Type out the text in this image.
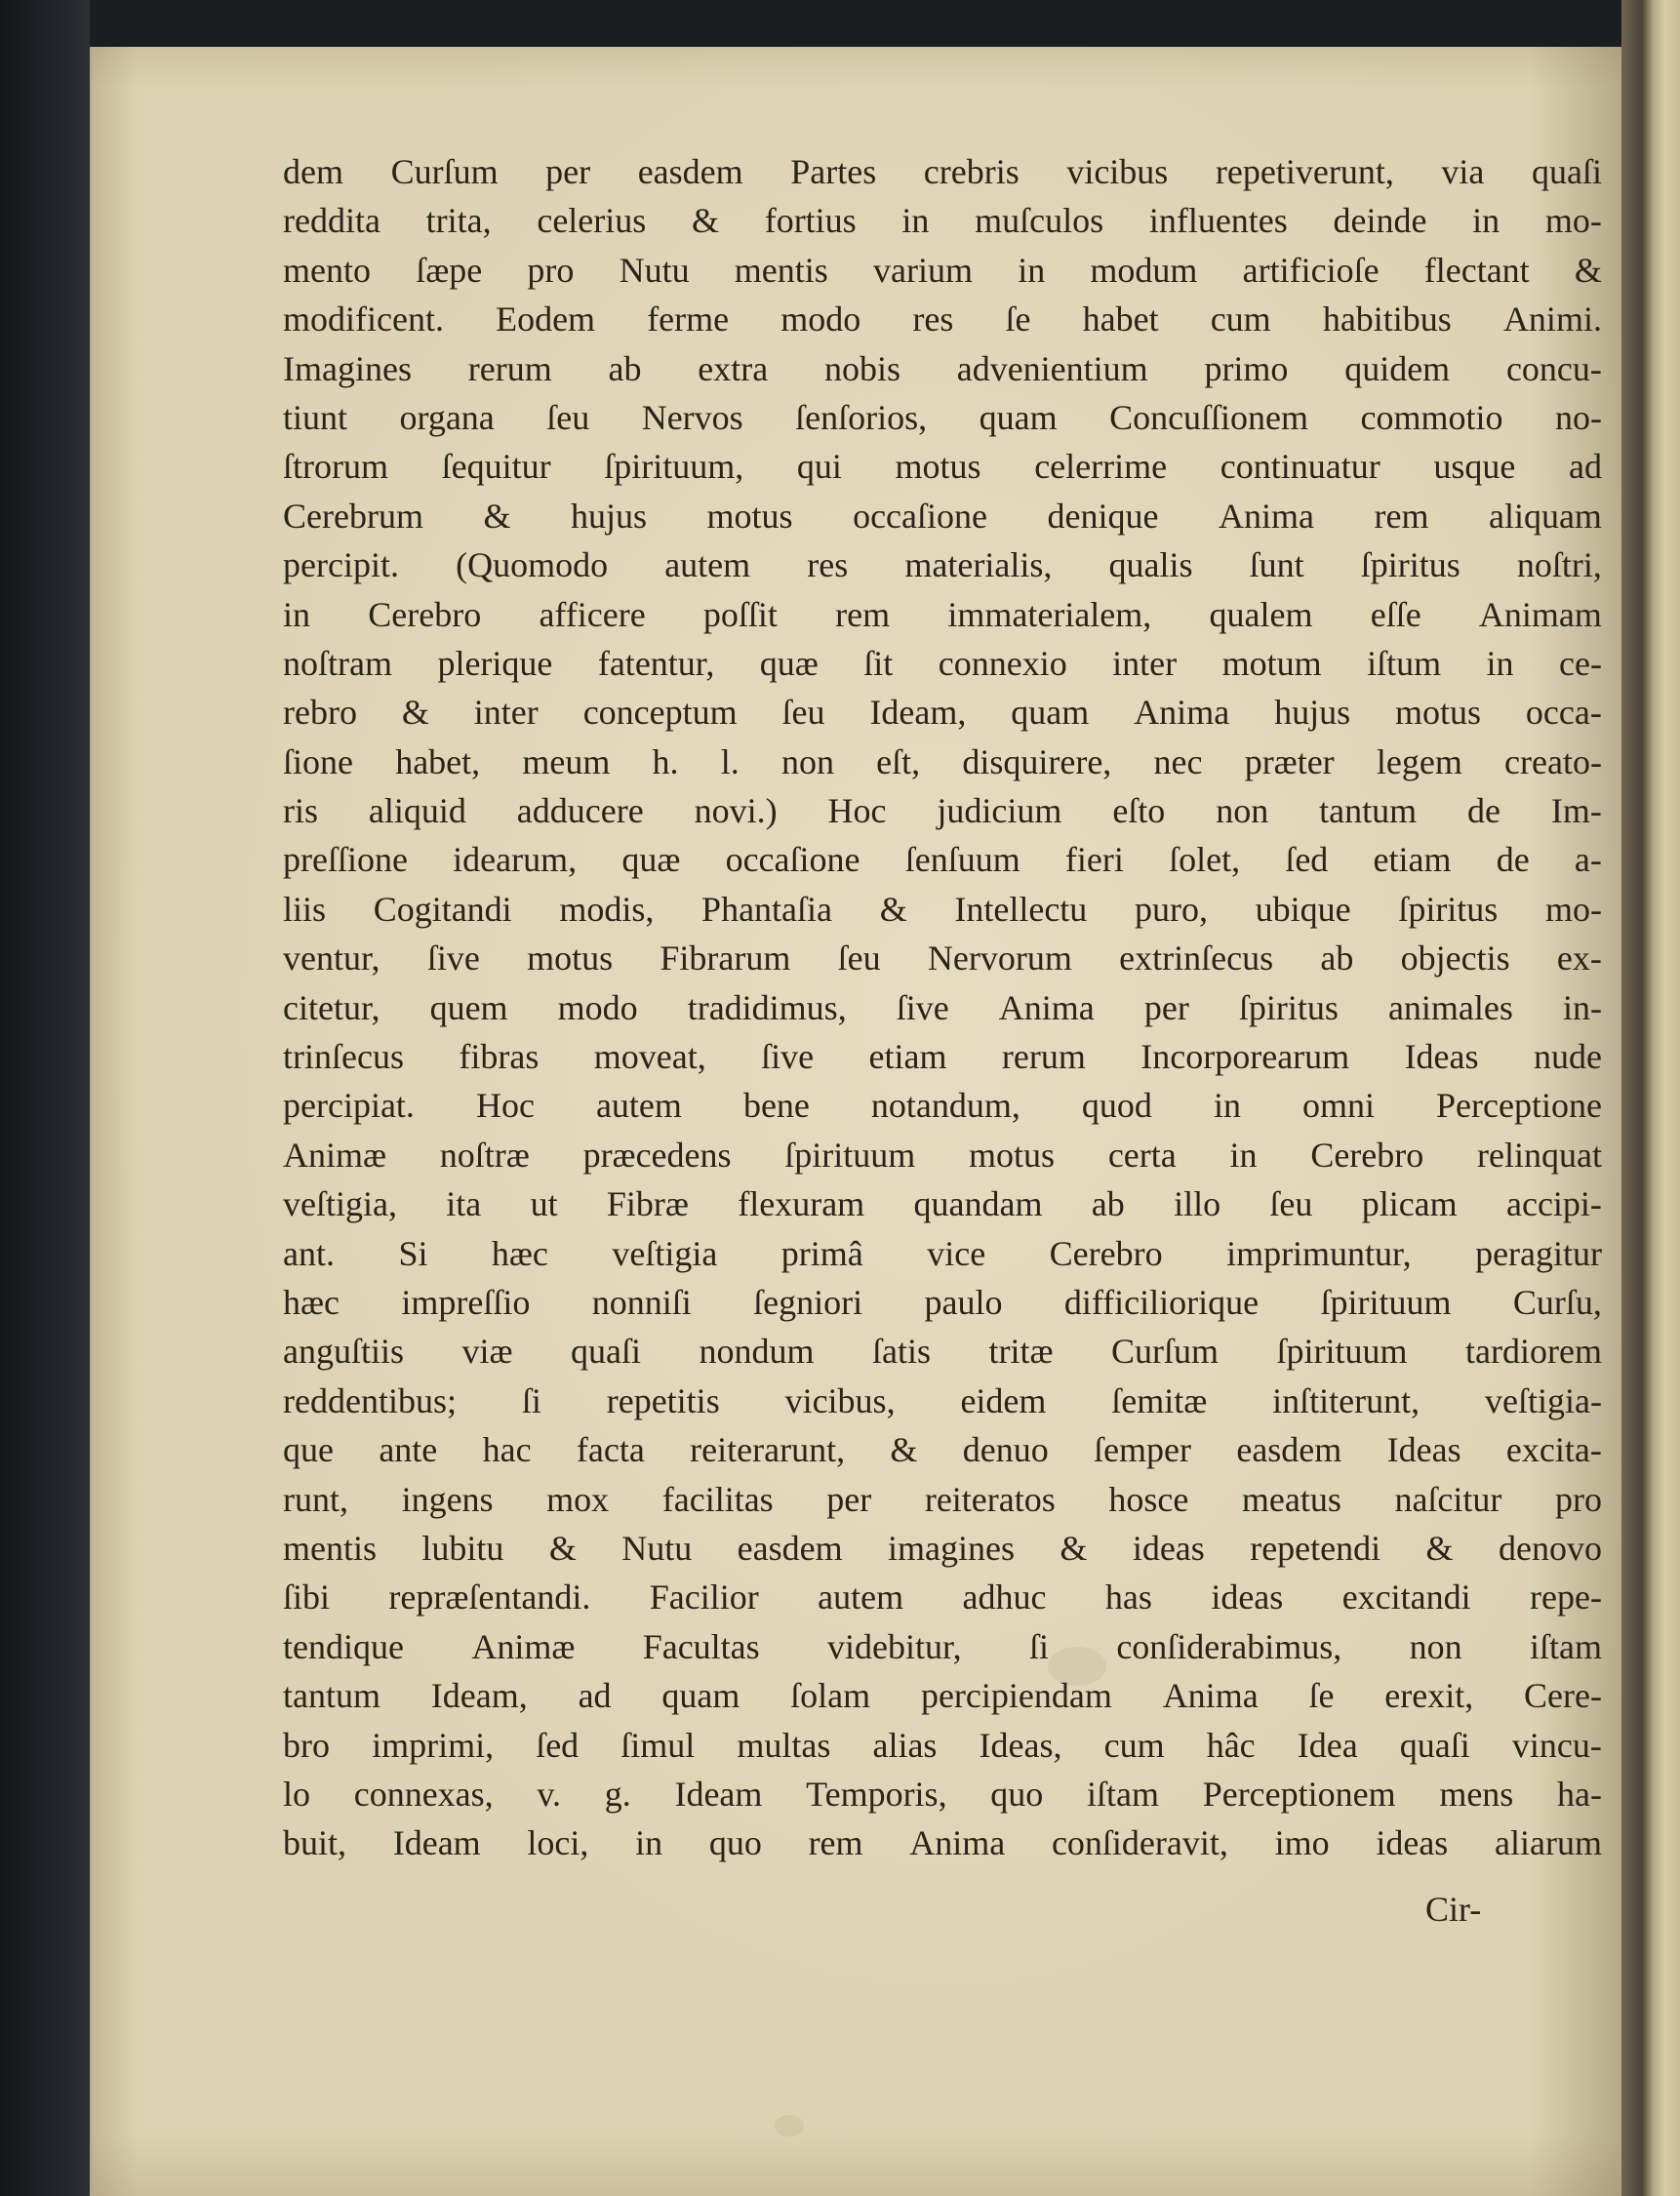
dem Curſum per easdem Partes crebris vicibus repetiverunt, via quaſi
reddita trita, celerius & fortius in muſculos influentes deinde in mo-
mento ſæpe pro Nutu mentis varium in modum artificioſe flectant &
modificent. Eodem ferme modo res ſe habet cum habitibus Animi.
Imagines rerum ab extra nobis advenientium primo quidem concu-
tiunt organa ſeu Nervos ſenſorios, quam Concuſſionem commotio no-
ſtrorum ſequitur ſpirituum, qui motus celerrime continuatur usque ad
Cerebrum & hujus motus occaſione denique Anima rem aliquam
percipit. (Quomodo autem res materialis, qualis ſunt ſpiritus noſtri,
in Cerebro afficere poſſit rem immaterialem, qualem eſſe Animam
noſtram plerique fatentur, quæ ſit connexio inter motum iſtum in ce-
rebro & inter conceptum ſeu Ideam, quam Anima hujus motus occa-
ſione habet, meum h. l. non eſt, disquirere, nec præter legem creato-
ris aliquid adducere novi.) Hoc judicium eſto non tantum de Im-
preſſione idearum, quæ occaſione ſenſuum fieri ſolet, ſed etiam de a-
liis Cogitandi modis, Phantaſia & Intellectu puro, ubique ſpiritus mo-
ventur, ſive motus Fibrarum ſeu Nervorum extrinſecus ab objectis ex-
citetur, quem modo tradidimus, ſive Anima per ſpiritus animales in-
trinſecus fibras moveat, ſive etiam rerum Incorporearum Ideas nude
percipiat. Hoc autem bene notandum, quod in omni Perceptione
Animæ noſtræ præcedens ſpirituum motus certa in Cerebro relinquat
veſtigia, ita ut Fibræ flexuram quandam ab illo ſeu plicam accipi-
ant. Si hæc veſtigia primâ vice Cerebro imprimuntur, peragitur
hæc impreſſio nonniſi ſegniori paulo difficiliorique ſpirituum Curſu,
anguſtiis viæ quaſi nondum ſatis tritæ Curſum ſpirituum tardiorem
reddentibus; ſi repetitis vicibus, eidem ſemitæ inſtiterunt, veſtigia-
que ante hac facta reiterarunt, & denuo ſemper easdem Ideas excita-
runt, ingens mox facilitas per reiteratos hosce meatus naſcitur pro
mentis lubitu & Nutu easdem imagines & ideas repetendi & denovo
ſibi repræſentandi. Facilior autem adhuc has ideas excitandi repe-
tendique Animæ Facultas videbitur, ſi conſiderabimus, non iſtam
tantum Ideam, ad quam ſolam percipiendam Anima ſe erexit, Cere-
bro imprimi, ſed ſimul multas alias Ideas, cum hâc Idea quaſi vincu-
lo connexas, v. g. Ideam Temporis, quo iſtam Perceptionem mens ha-
buit, Ideam loci, in quo rem Anima conſideravit, imo ideas aliarum
Cir-
